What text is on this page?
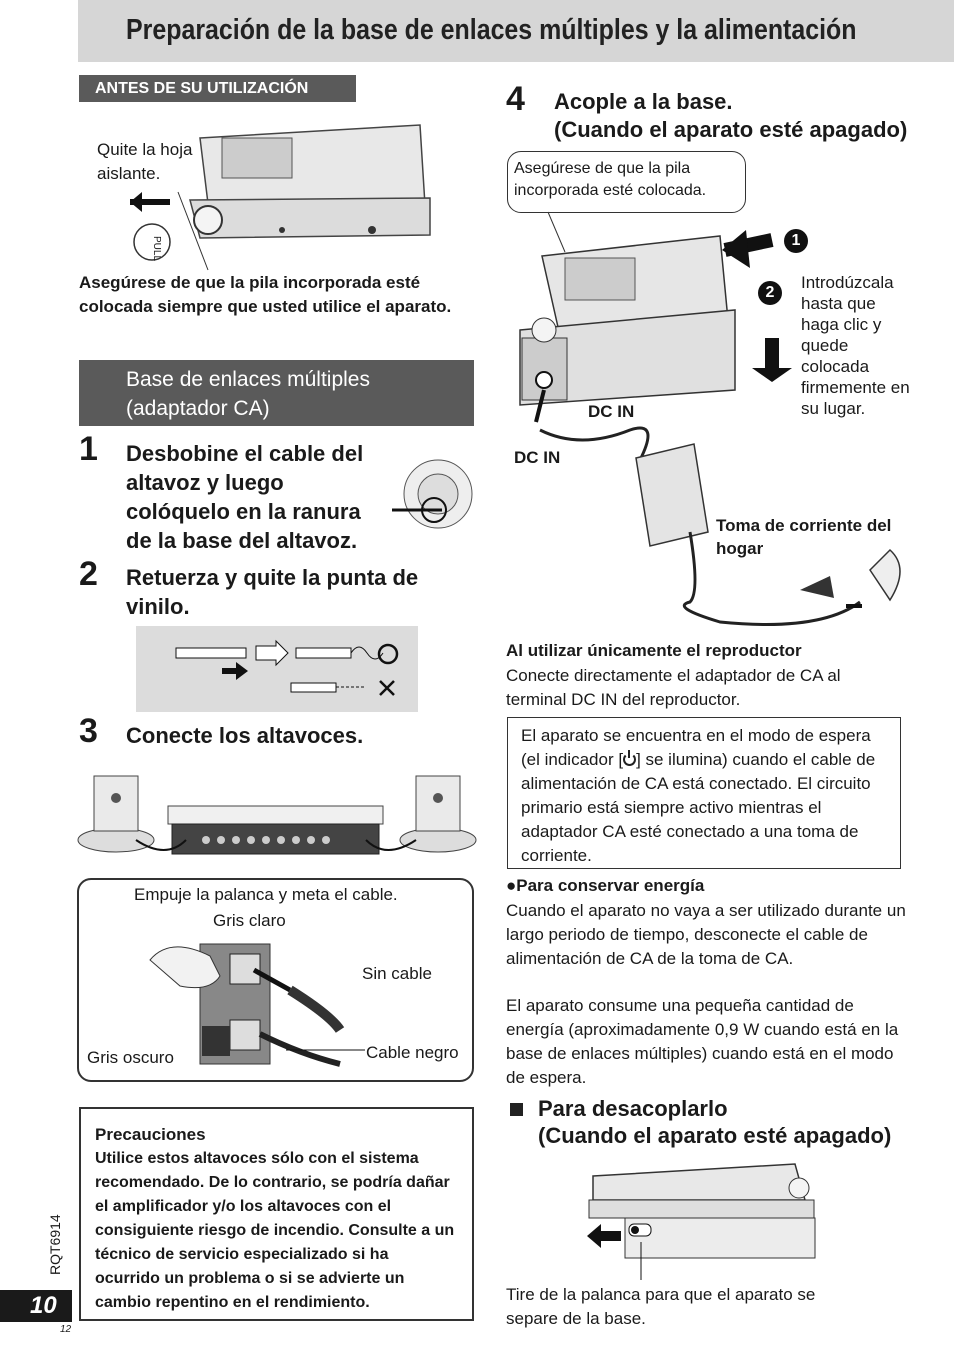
10
12
RQT6914
Preparación de la base de enlaces múltiples y la alimentación
ANTES DE SU UTILIZACIÓN
Quite la hoja
aislante.
PULL
Asegúrese de que la pila incorporada esté colocada siempre que usted utilice el aparato.
Base de enlaces múltiples (adaptador CA)
1 Desbobine el cable del altavoz y luego colóquelo en la ranura de la base del altavoz.
2 Retuerza y quite la punta de vinilo.
3 Conecte los altavoces.
Empuje la palanca y meta el cable.
Gris claro
Sin cable
Gris oscuro	Cable negro
Precauciones
Utilice estos altavoces sólo con el sistema recomendado. De lo contrario, se podría dañar el amplificador y/o los altavoces con el consiguiente riesgo de incendio. Consulte a un técnico de servicio especializado si ha ocurrido un problema o si se advierte un cambio repentino en el rendimiento.
4 Acople a la base.
(Cuando el aparato esté apagado)
Asegúrese de que la pila incorporada esté colocada.
1
2
Introdúzcala hasta que haga clic y quede colocada firmemente en su lugar.
DC IN
DC IN
Toma de corriente del hogar
Al utilizar únicamente el reproductor
Conecte directamente el adaptador de CA al terminal DC IN del reproductor.
El aparato se encuentra en el modo de espera (el indicador [ ] se ilumina) cuando el cable de alimentación de CA está conectado. El circuito primario está siempre activo mientras el adaptador CA esté conectado a una toma de corriente.
●Para conservar energía
Cuando el aparato no vaya a ser utilizado durante un largo periodo de tiempo, desconecte el cable de alimentación de CA de la toma de CA.
El aparato consume una pequeña cantidad de energía (aproximadamente 0,9 W cuando está en la base de enlaces múltiples) cuando está en el modo de espera.
Para desacoplarlo
(Cuando el aparato esté apagado)
Tire de la palanca para que el aparato se separe de la base.
